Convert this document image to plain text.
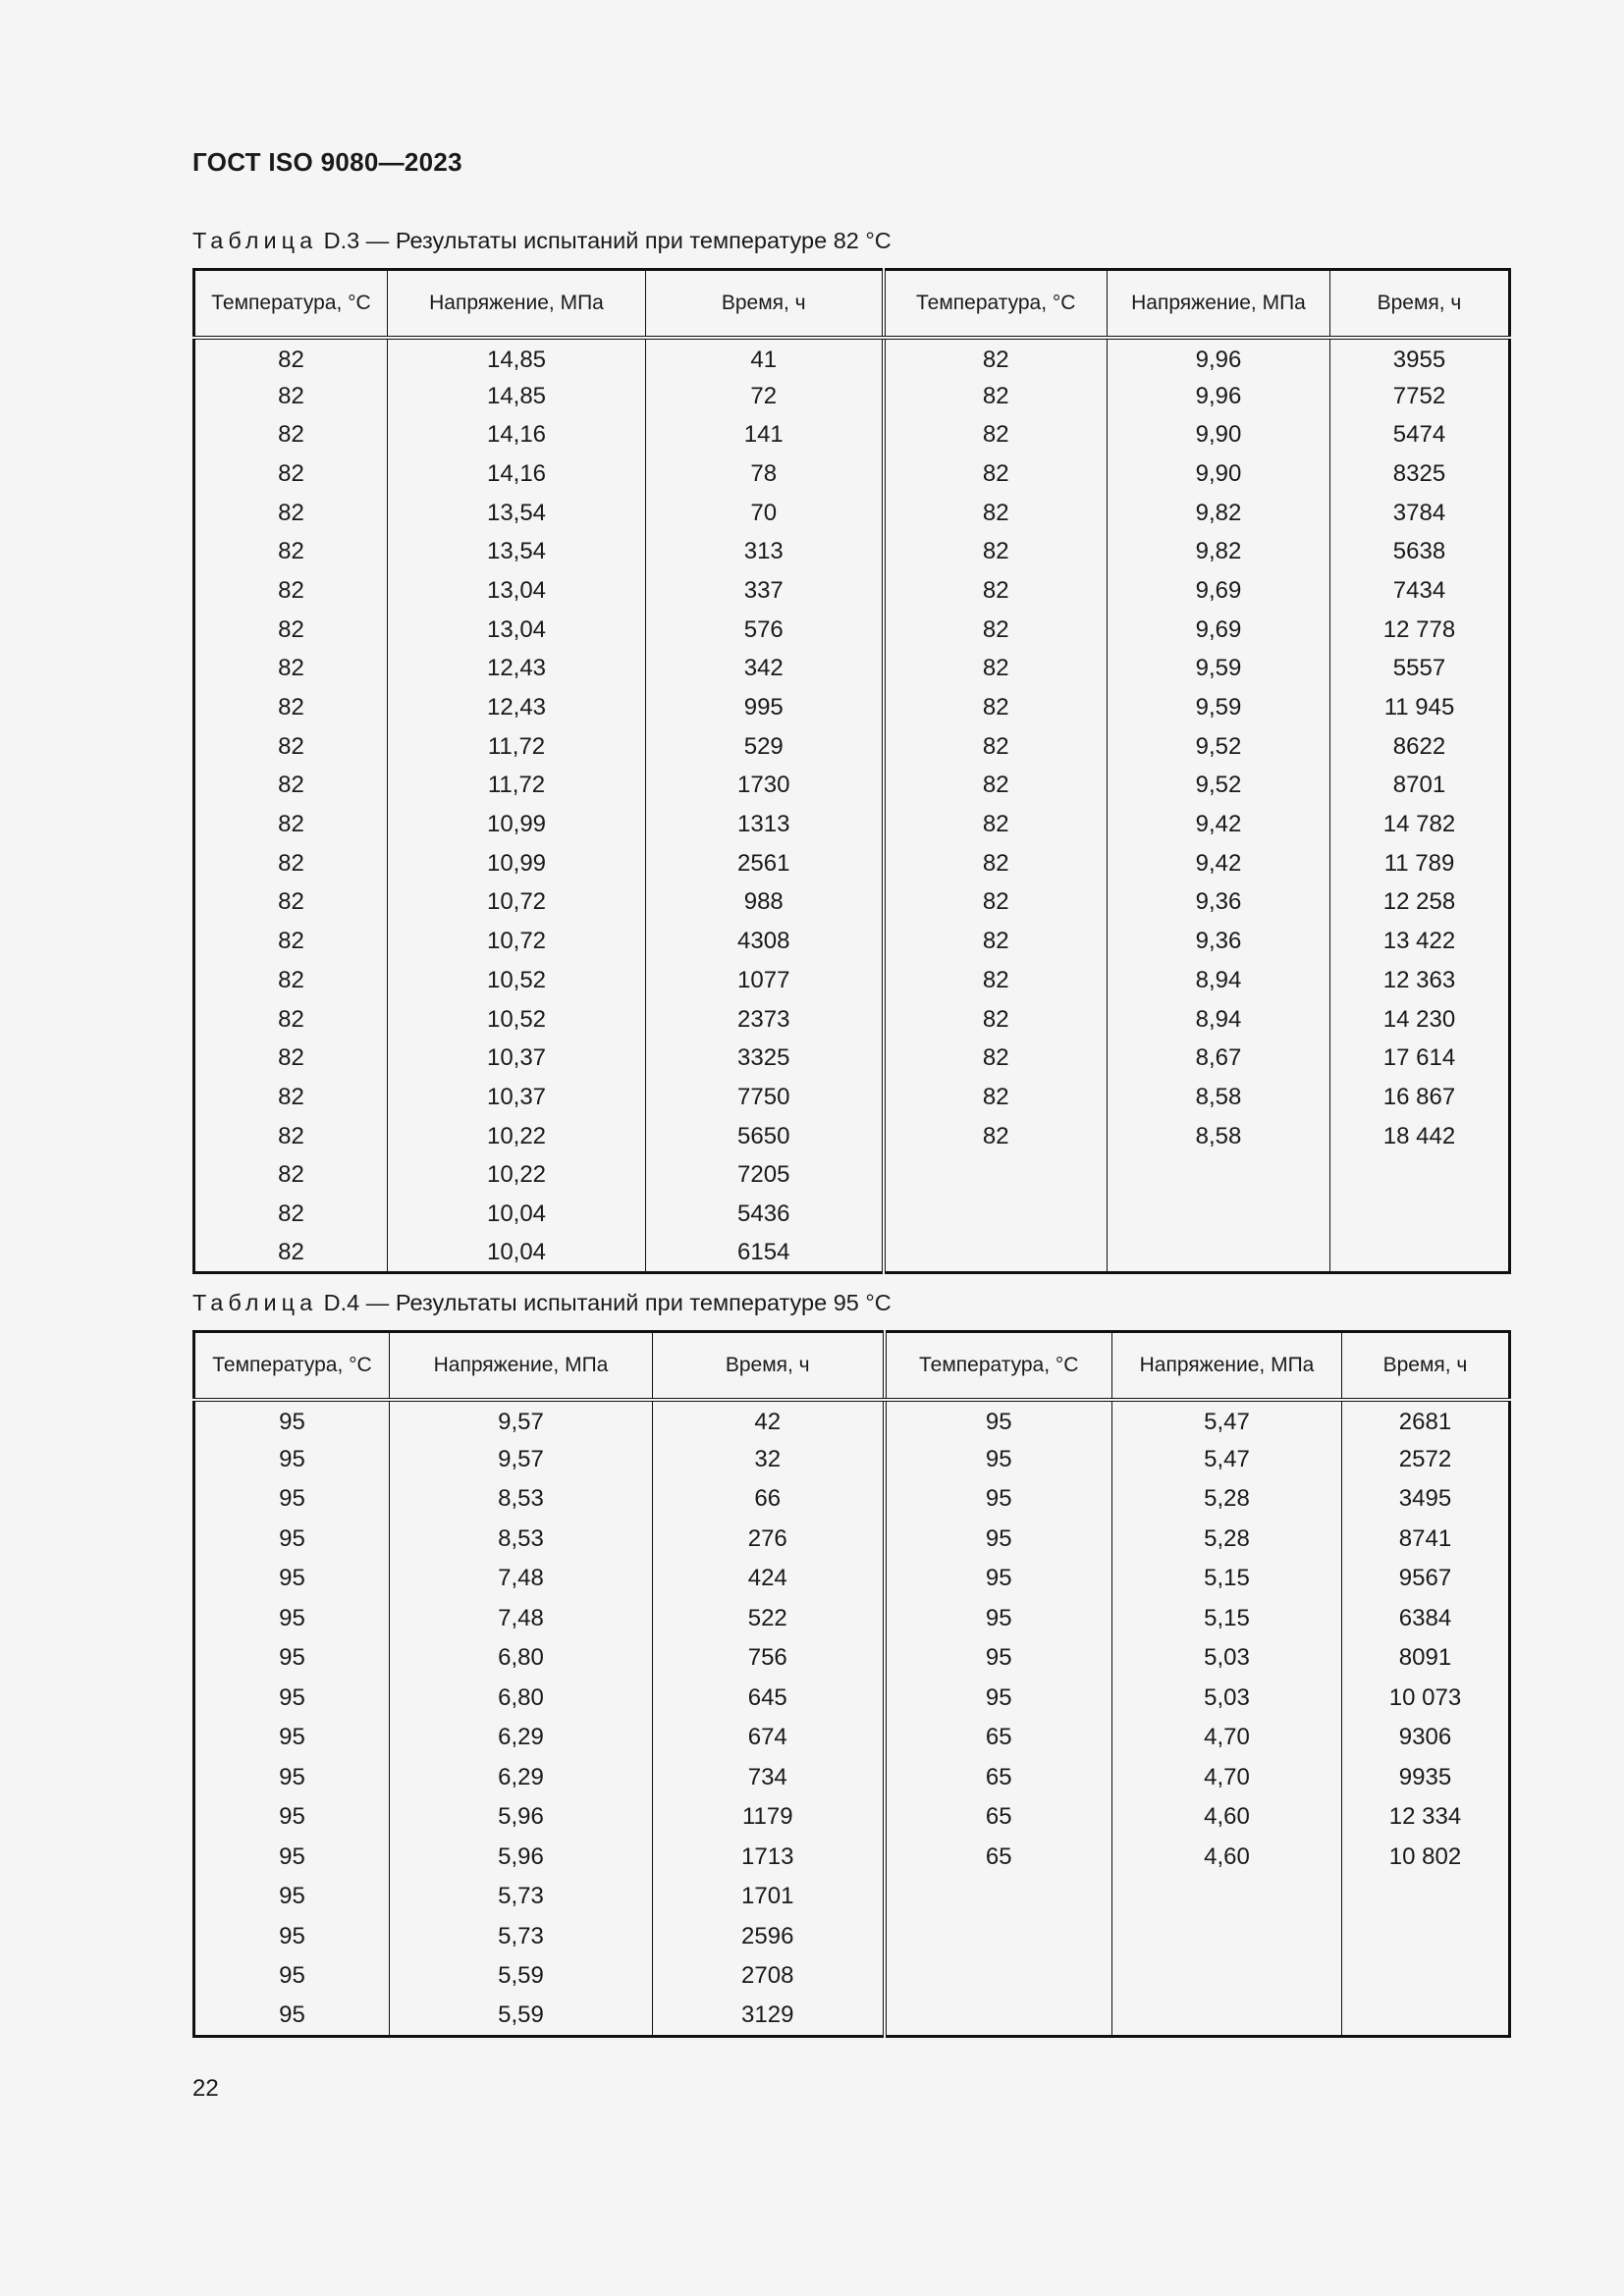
ГОСТ ISO 9080—2023
Таблица D.3 — Результаты испытаний при температуре 82 °C
Температура, °C	Напряжение, МПа	Время, ч	Температура, °C	Напряжение, МПа	Время, ч
82	14,85	41	82	9,96	3955
82	14,85	72	82	9,96	7752
82	14,16	141	82	9,90	5474
82	14,16	78	82	9,90	8325
82	13,54	70	82	9,82	3784
82	13,54	313	82	9,82	5638
82	13,04	337	82	9,69	7434
82	13,04	576	82	9,69	12 778
82	12,43	342	82	9,59	5557
82	12,43	995	82	9,59	11 945
82	11,72	529	82	9,52	8622
82	11,72	1730	82	9,52	8701
82	10,99	1313	82	9,42	14 782
82	10,99	2561	82	9,42	11 789
82	10,72	988	82	9,36	12 258
82	10,72	4308	82	9,36	13 422
82	10,52	1077	82	8,94	12 363
82	10,52	2373	82	8,94	14 230
82	10,37	3325	82	8,67	17 614
82	10,37	7750	82	8,58	16 867
82	10,22	5650	82	8,58	18 442
82	10,22	7205			
82	10,04	5436			
82	10,04	6154			
Таблица D.4 — Результаты испытаний при температуре 95 °C
Температура, °C	Напряжение, МПа	Время, ч	Температура, °C	Напряжение, МПа	Время, ч
95	9,57	42	95	5,47	2681
95	9,57	32	95	5,47	2572
95	8,53	66	95	5,28	3495
95	8,53	276	95	5,28	8741
95	7,48	424	95	5,15	9567
95	7,48	522	95	5,15	6384
95	6,80	756	95	5,03	8091
95	6,80	645	95	5,03	10 073
95	6,29	674	65	4,70	9306
95	6,29	734	65	4,70	9935
95	5,96	1179	65	4,60	12 334
95	5,96	1713	65	4,60	10 802
95	5,73	1701			
95	5,73	2596			
95	5,59	2708			
95	5,59	3129			
22
